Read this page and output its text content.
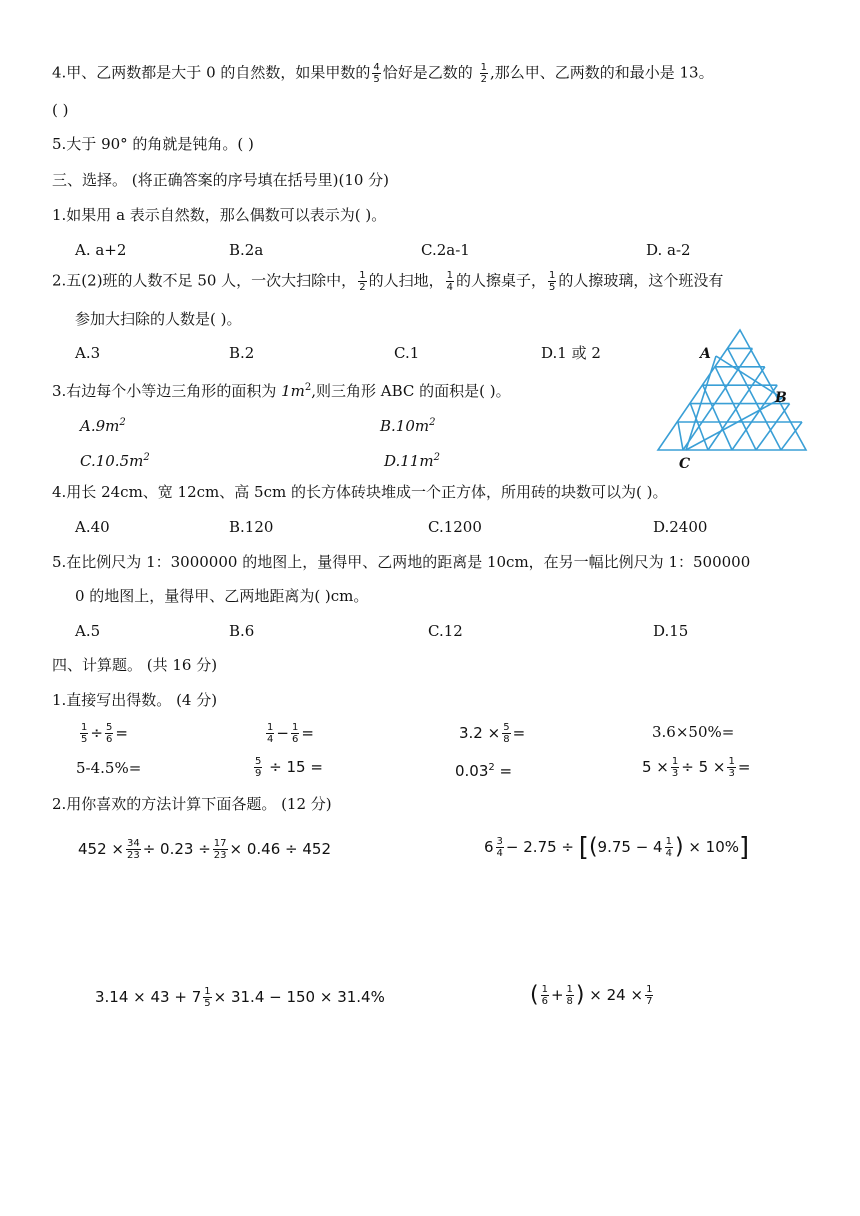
4.甲、乙两数都是大于 0 的自然数，如果甲数的 $\frac{4}{5}$ 恰好是乙数的 $\frac{1}{2}$ ,那么甲、乙两数的和最小是 13。
( )
5.大于 90° 的角就是钝角。( )
三、选择。 (将正确答案的序号填在括号里)(10 分)
1.如果用 a 表示自然数，那么偶数可以表示为( )。
A. a+2	B.2a	C.2a-1	D. a-2
2.五(2)班的人数不足 50 人，一次大扫除中， $\frac{1}{2}$ 的人扫地， $\frac{1}{4}$ 的人擦桌子， $\frac{1}{5}$ 的人擦玻璃，这个班没有
参加大扫除的人数是( )。
A.3	B.2	C.1	D.1 或 2
3.右边每个小等边三角形的面积为 $1m^2$,则三角形 ABC 的面积是( )。
$A.9m^2$	$B.10m^2$
$C.10.5m^2$	$D.11m^2$
A
B
C
4.用长 24cm、宽 12cm、高 5cm 的长方体砖块堆成一个正方体，所用砖的块数可以为( )。
A.40	B.120	C.1200	D.2400
5.在比例尺为 1：3000000 的地图上，量得甲、乙两地的距离是 10cm，在另一幅比例尺为 1：500000
0 的地图上，量得甲、乙两地距离为( )cm。
A.5	B.6	C.12	D.15
四、计算题。 (共 16 分)
1.直接写出得数。 (4 分)
$\frac{1}{5} \div \frac{5}{6}$ =	$\frac{1}{4} - \frac{1}{6}$ =	$3.2 \times \frac{5}{8}$ =	3.6×50%=
5-4.5%=	$\frac{5}{9} \div 15$ =	$0.03^2$ =	$5 \times \frac{1}{3} \div 5 \times \frac{1}{3}$ =
2.用你喜欢的方法计算下面各题。 (12 分)
$452 \times \frac{34}{23} \div 0.23 \div \frac{17}{23} \times 0.46 \div 452$	$6 \frac{3}{4} - 2.75 \div [(9.75 - 4 \frac{1}{4}$ ) × 10%]
$3.14 \times 43 + 7 \frac{1}{5} \times 31.4 - 150 \times 31.4\%$	( $\frac{1}{6} + \frac{1}{8}$ ) × $24 \times \frac{1}{7}$
